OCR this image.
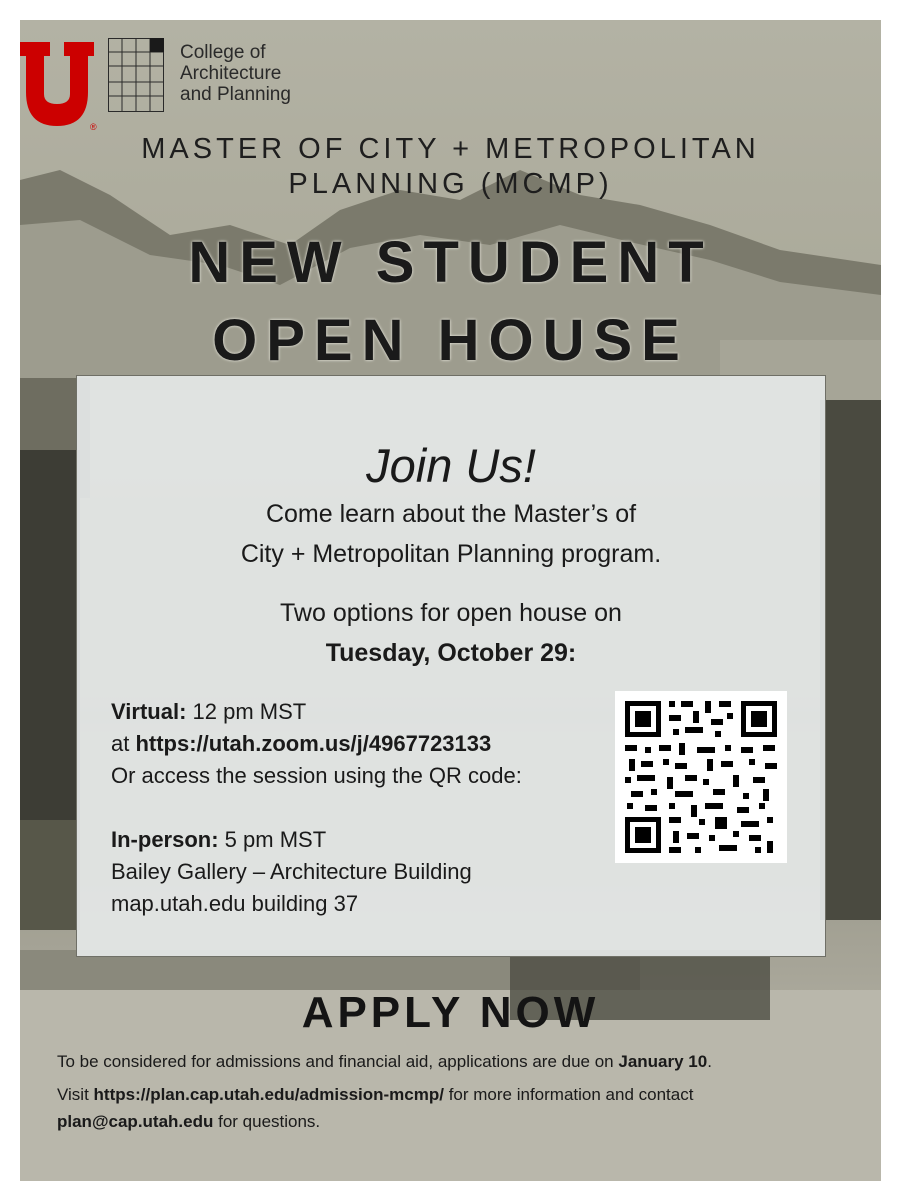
®
College of
Architecture
and Planning
MASTER OF CITY + METROPOLITAN
PLANNING (MCMP)
NEW STUDENT
OPEN HOUSE
Join Us!
Come learn about the Master’s of
City + Metropolitan Planning program.
Two options for open house on
Tuesday, October 29:
Virtual: 12 pm MST
at https://utah.zoom.us/j/4967723133
Or access the session using the QR code:
In-person: 5 pm MST
Bailey Gallery – Architecture Building
map.utah.edu building 37
APPLY NOW

To be considered for admissions and financial aid, applications are due on January 10.

Visit https://plan.cap.utah.edu/admission-mcmp/ for more information and contact
plan@cap.utah.edu for questions.
